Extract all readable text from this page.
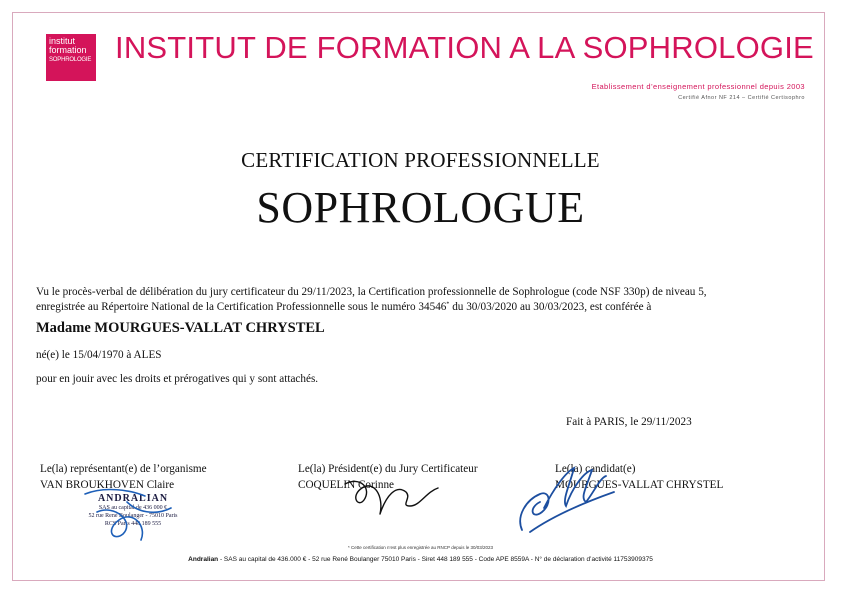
institut
formation
SOPHROLOGIE INSTITUT DE FORMATION A LA SOPHROLOGIE
Etablissement d’enseignement professionnel depuis 2003
Certifié Afnor NF 214 – Certifié Certisophro
CERTIFICATION PROFESSIONNELLE
SOPHROLOGUE
Vu le procès-verbal de délibération du jury certificateur du 29/11/2023, la Certification professionnelle de Sophrologue (code NSF 330p) de niveau 5,
enregistrée au Répertoire National de la Certification Professionnelle sous le numéro 34546* du 30/03/2020 au 30/03/2023, est conférée à
Madame MOURGUES-VALLAT CHRYSTEL
né(e) le 15/04/1970 à ALES
pour en jouir avec les droits et prérogatives qui y sont attachés.
Fait à PARIS, le 29/11/2023
Le(la) représentant(e) de l’organisme
VAN BROUKHOVEN Claire
Le(la) Président(e) du Jury Certificateur
COQUELIN Corinne
Le(la) candidat(e)
MOURGUES-VALLAT CHRYSTEL
ANDRALIAN
SAS au capital de 436 000 €
52 rue René Boulanger - 75010 Paris
RCS Paris 448 189 555
* Cette certification n’est plus enregistrée au RNCP depuis le 30/03/2023
Andralian - SAS au capital de 436.000 € - 52 rue René Boulanger 75010 Paris - Siret 448 189 555 - Code APE 8559A - N° de déclaration d’activité 11753909375
